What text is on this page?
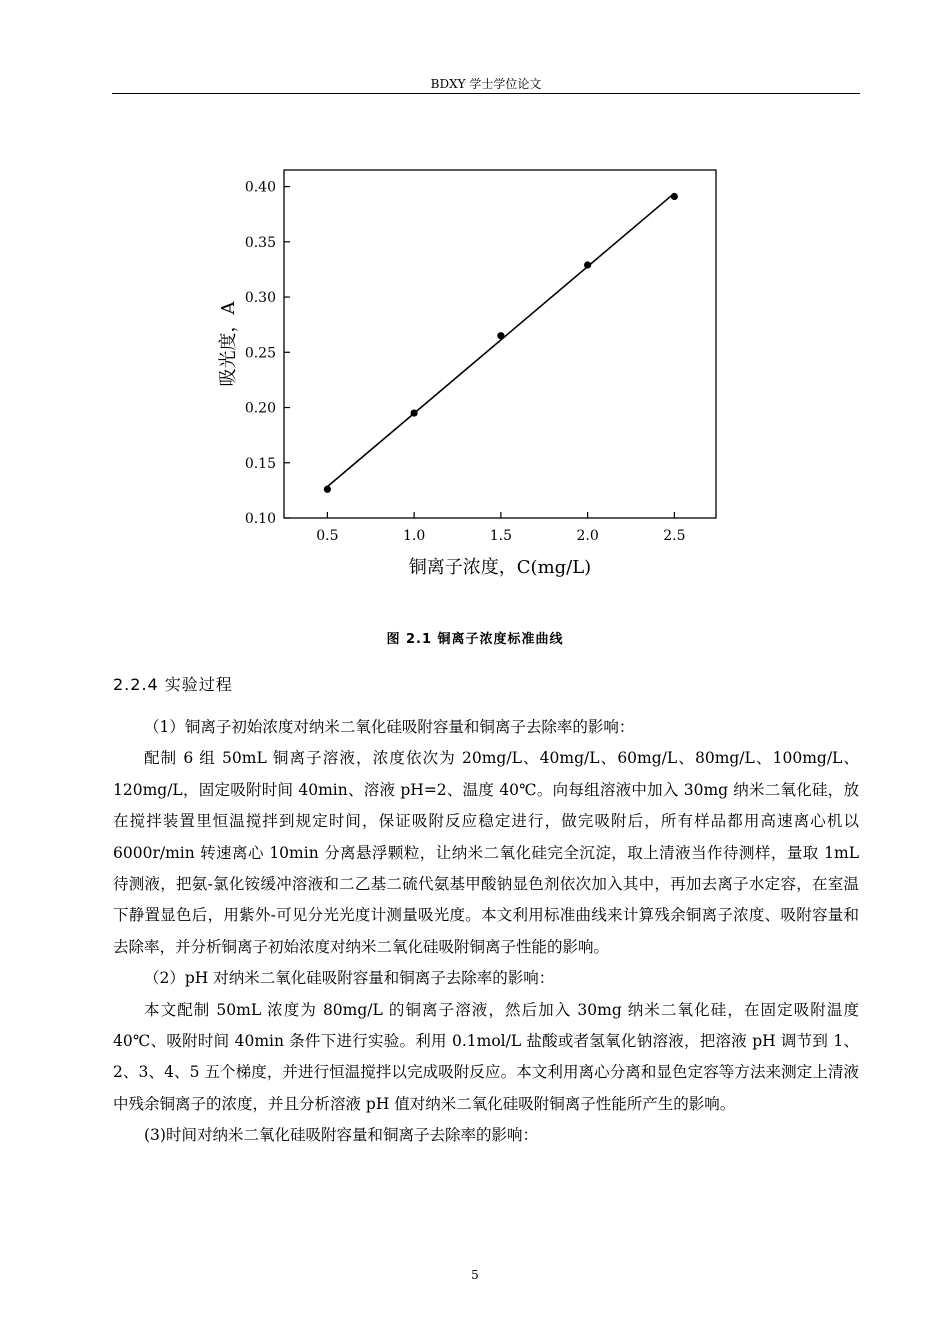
BDXY 学士学位论文
0.10
0.15
0.20
0.25
0.30
0.35
0.40
0.5	1.0	1.5	2.0	2.5
吸光度，A
铜离子浓度，C(mg/L)
图 2.1 铜离子浓度标准曲线
2.2.4 实验过程

（1）铜离子初始浓度对纳米二氧化硅吸附容量和铜离子去除率的影响：

配制 6 组 50mL 铜离子溶液，浓度依次为 20mg/L、40mg/L、60mg/L、80mg/L、100mg/L、120mg/L，固定吸附时间 40min、溶液 pH=2、温度 40℃。向每组溶液中加入 30mg 纳米二氧化硅，放在搅拌装置里恒温搅拌到规定时间，保证吸附反应稳定进行，做完吸附后，所有样品都用高速离心机以 6000r/min 转速离心 10min 分离悬浮颗粒，让纳米二氧化硅完全沉淀，取上清液当作待测样，量取 1mL 待测液，把氨-氯化铵缓冲溶液和二乙基二硫代氨基甲酸钠显色剂依次加入其中，再加去离子水定容，在室温下静置显色后，用紫外-可见分光光度计测量吸光度。本文利用标准曲线来计算残余铜离子浓度、吸附容量和去除率，并分析铜离子初始浓度对纳米二氧化硅吸附铜离子性能的影响。

（2）pH 对纳米二氧化硅吸附容量和铜离子去除率的影响：

本文配制 50mL 浓度为 80mg/L 的铜离子溶液，然后加入 30mg 纳米二氧化硅，在固定吸附温度 40℃、吸附时间 40min 条件下进行实验。利用 0.1mol/L 盐酸或者氢氧化钠溶液，把溶液 pH 调节到 1、2、3、4、5 五个梯度，并进行恒温搅拌以完成吸附反应。本文利用离心分离和显色定容等方法来测定上清液中残余铜离子的浓度，并且分析溶液 pH 值对纳米二氧化硅吸附铜离子性能所产生的影响。

(3)时间对纳米二氧化硅吸附容量和铜离子去除率的影响：

5
